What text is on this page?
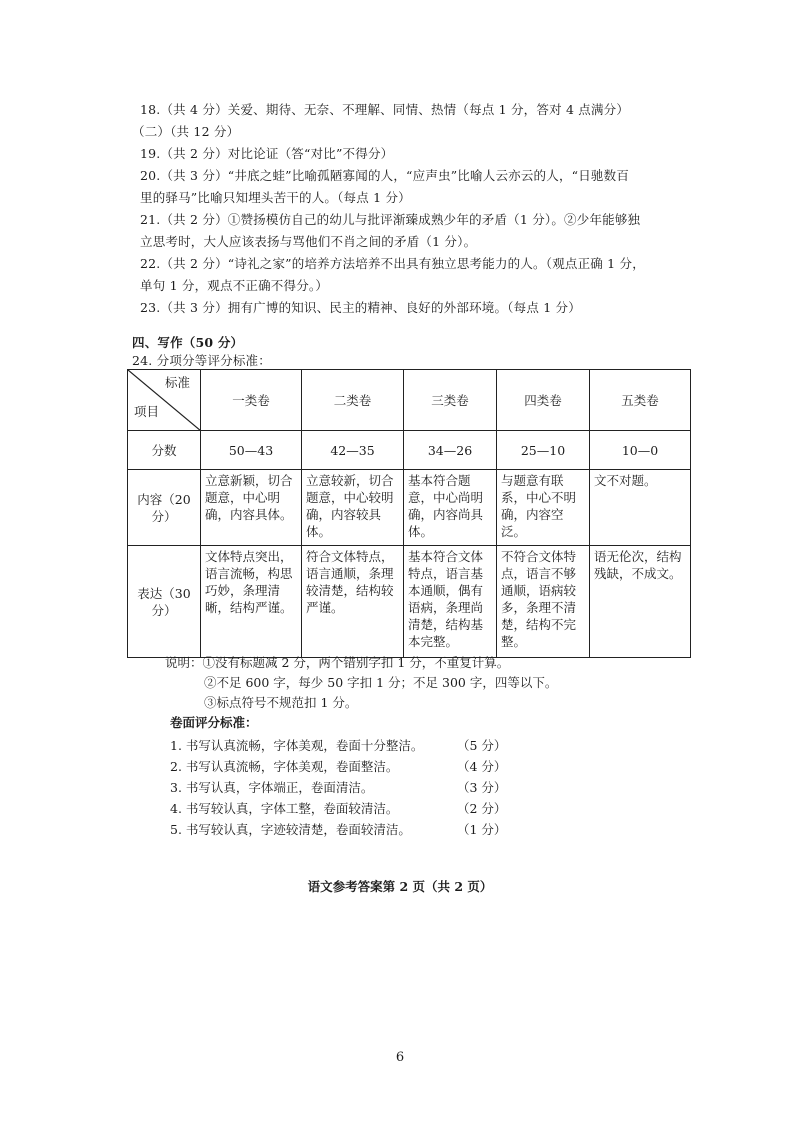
18.（共 4 分）关爱、期待、无奈、不理解、同情、热情（每点 1 分，答对 4 点满分）
（二）（共 12 分）
19.（共 2 分）对比论证（答“对比”不得分）
20.（共 3 分）“井底之蛙”比喻孤陋寡闻的人，“应声虫”比喻人云亦云的人，“日驰数百
里的驿马”比喻只知埋头苦干的人。（每点 1 分）
21.（共 2 分）①赞扬模仿自己的幼儿与批评渐臻成熟少年的矛盾（1 分）。②少年能够独
立思考时，大人应该表扬与骂他们不肖之间的矛盾（1 分）。
22.（共 2 分）“诗礼之家”的培养方法培养不出具有独立思考能力的人。（观点正确 1 分，
单句 1 分，观点不正确不得分。）
23.（共 3 分）拥有广博的知识、民主的精神、良好的外部环境。（每点 1 分）
四、写作（50 分）
24. 分项分等评分标准：
标准
项目	一类卷	二类卷	三类卷	四类卷	五类卷
分数	50—43	42—35	34—26	25—10	10—0
内容（20 分）	立意新颖，切合题意，中心明确，内容具体。	立意较新，切合题意，中心较明确，内容较具体。	基本符合题意，中心尚明确，内容尚具体。	与题意有联系，中心不明确，内容空泛。	文不对题。
表达（30 分）	文体特点突出，语言流畅，构思巧妙，条理清晰，结构严谨。	符合文体特点，语言通顺，条理较清楚，结构较严谨。	基本符合文体特点，语言基本通顺，偶有语病，条理尚清楚，结构基本完整。	不符合文体特点，语言不够通顺，语病较多，条理不清楚，结构不完整。	语无伦次，结构残缺，不成文。
说明：①没有标题减 2 分，两个错别字扣 1 分，不重复计算。
②不足 600 字，每少 50 字扣 1 分；不足 300 字，四等以下。
③标点符号不规范扣 1 分。
卷面评分标准：
1. 书写认真流畅，字体美观，卷面十分整洁。	（5 分）
2. 书写认真流畅，字体美观，卷面整洁。	（4 分）
3. 书写认真，字体端正，卷面清洁。	（3 分）
4. 书写较认真，字体工整，卷面较清洁。	（2 分）
5. 书写较认真，字迹较清楚，卷面较清洁。	（1 分）
语文参考答案第 2 页（共 2 页）
6
